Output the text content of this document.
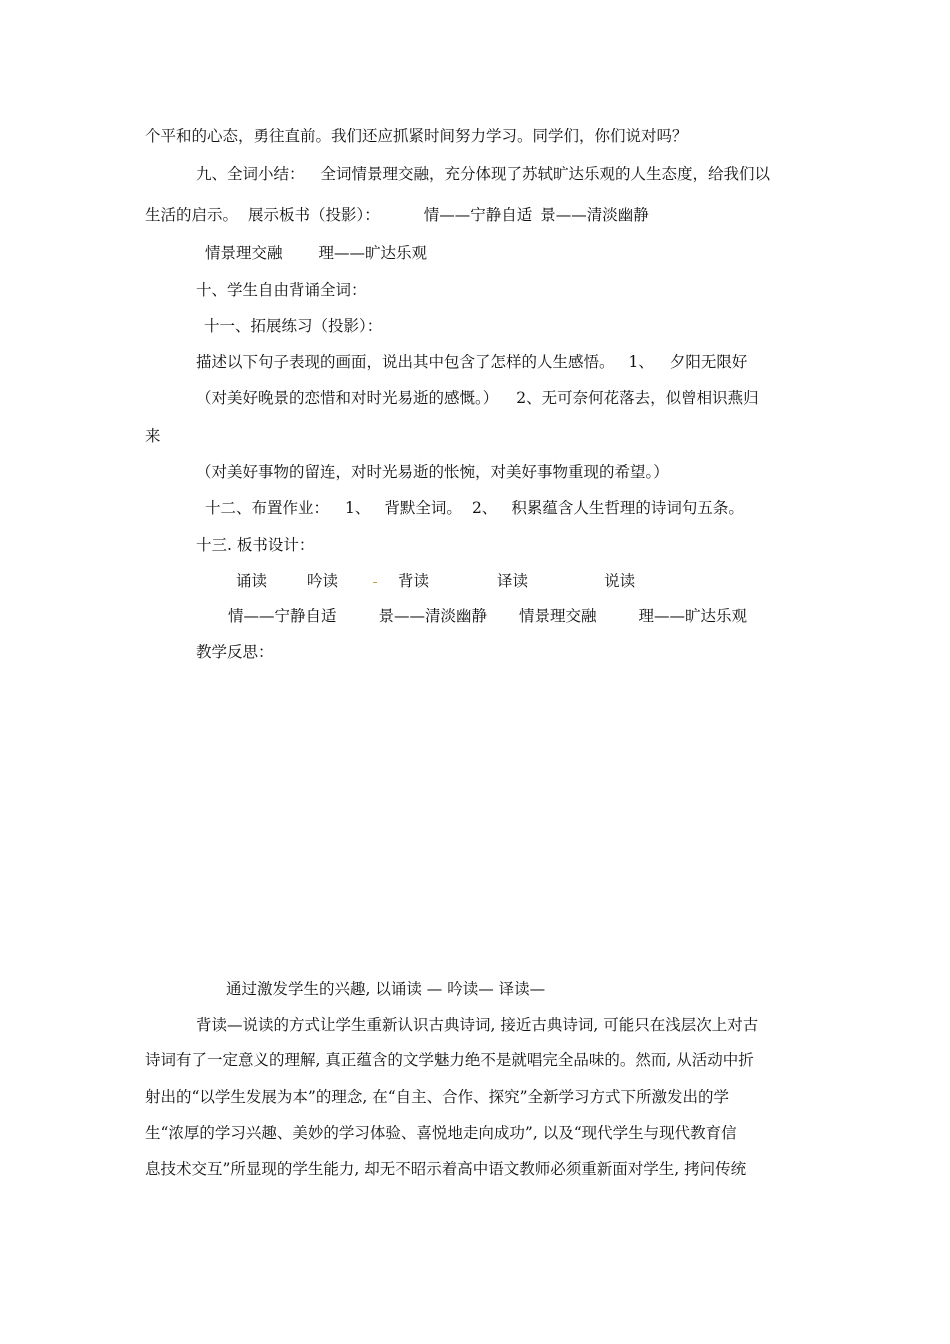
个平和的心态，勇往直前。我们还应抓紧时间努力学习。同学们，你们说对吗？
九、全词小结： 全词情景理交融，充分体现了苏轼旷达乐观的人生态度，给我们以
生活的启示。 展示板书（投影）：	情——宁静自适 景——清淡幽静
情景理交融 理——旷达乐观
十、学生自由背诵全词：
十一、拓展练习（投影）：
描述以下句子表现的画面，说出其中包含了怎样的人生感悟。 1、 夕阳无限好
（对美好晚景的恋惜和对时光易逝的感慨。） 2、无可奈何花落去，似曾相识燕归
来
（对美好事物的留连，对时光易逝的怅惋，对美好事物重现的希望。）
十二、布置作业： 1、 背默全词。 2、 积累蕴含人生哲理的诗词句五条。
十三. 板书设计：
诵读	吟读	背读	译读	说读
情——宁静自适	景——清淡幽静 情景理交融	理——旷达乐观
教学反思：
通过激发学生的兴趣, 以诵读 — 吟读— 译读—
背读—说读的方式让学生重新认识古典诗词, 接近古典诗词, 可能只在浅层次上对古
诗词有了一定意义的理解, 真正蕴含的文学魅力绝不是就唱完全品味的。然而, 从活动中折
射出的“以学生发展为本”的理念, 在“自主、合作、探究”全新学习方式下所激发出的学
生“浓厚的学习兴趣、美妙的学习体验、喜悦地走向成功”, 以及“现代学生与现代教育信
息技术交互”所显现的学生能力, 却无不昭示着高中语文教师必须重新面对学生, 拷问传统
